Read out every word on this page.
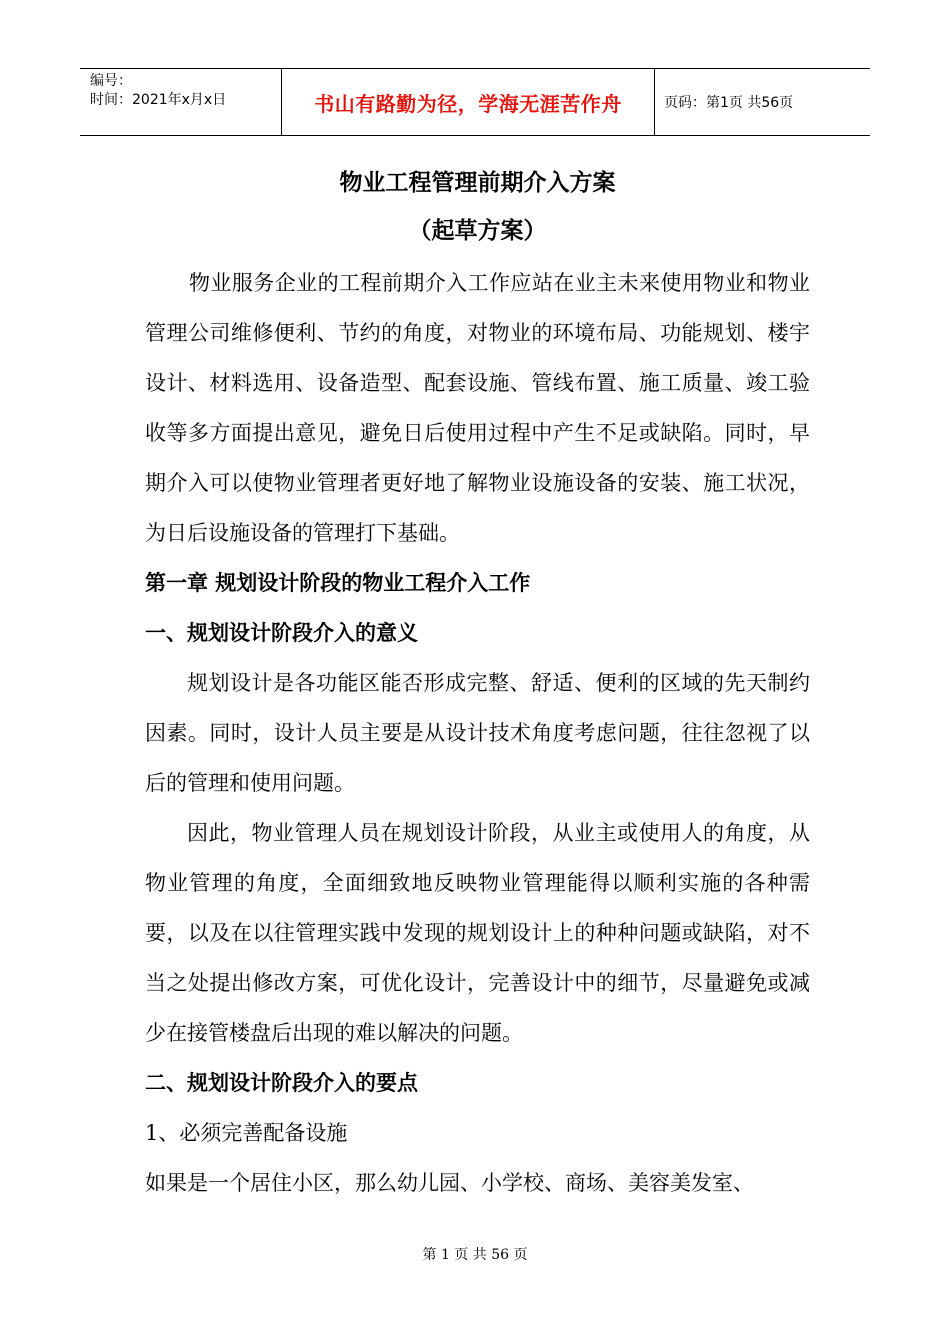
编号：
时间：2021年x月x日	书山有路勤为径，学海无涯苦作舟	页码：第1页 共56页

物业工程管理前期介入方案

（起草方案）

物业服务企业的工程前期介入工作应站在业主未来使用物业和物业管理公司维修便利、节约的角度，对物业的环境布局、功能规划、楼宇设计、材料选用、设备造型、配套设施、管线布置、施工质量、竣工验收等多方面提出意见，避免日后使用过程中产生不足或缺陷。同时，早期介入可以使物业管理者更好地了解物业设施设备的安装、施工状况，为日后设施设备的管理打下基础。

第一章 规划设计阶段的物业工程介入工作

一、规划设计阶段介入的意义

规划设计是各功能区能否形成完整、舒适、便利的区域的先天制约因素。同时，设计人员主要是从设计技术角度考虑问题，往往忽视了以后的管理和使用问题。

因此，物业管理人员在规划设计阶段，从业主或使用人的角度，从物业管理的角度，全面细致地反映物业管理能得以顺利实施的各种需要，以及在以往管理实践中发现的规划设计上的种种问题或缺陷，对不当之处提出修改方案，可优化设计，完善设计中的细节，尽量避免或减少在接管楼盘后出现的难以解决的问题。

二、规划设计阶段介入的要点

1、必须完善配备设施

如果是一个居住小区，那么幼儿园、小学校、商场、美容美发室、

第 1 页 共 56 页
